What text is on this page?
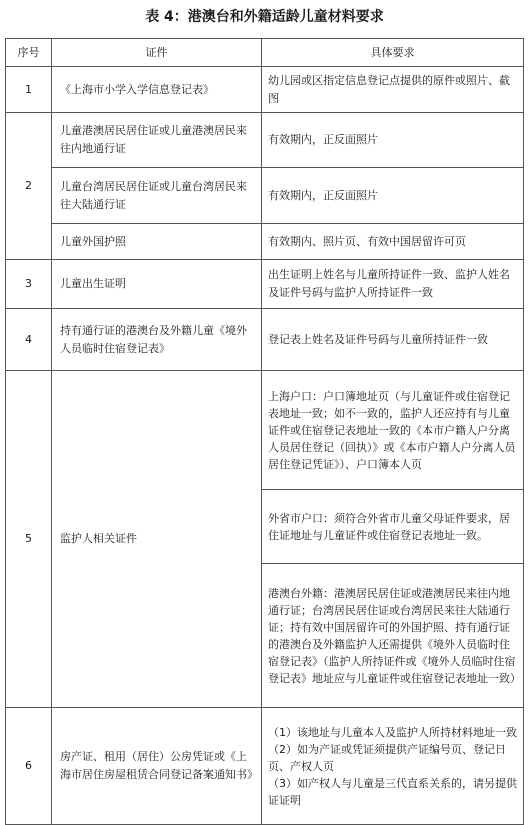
表 4：港澳台和外籍适龄儿童材料要求
序号	证件	具体要求
1	《上海市小学入学信息登记表》	幼儿园或区指定信息登记点提供的原件或照片、截图
2	儿童港澳居民居住证或儿童港澳居民来往内地通行证	有效期内，正反面照片
	儿童台湾居民居住证或儿童台湾居民来往大陆通行证	有效期内，正反面照片
	儿童外国护照	有效期内、照片页、有效中国居留许可页
3	儿童出生证明	出生证明上姓名与儿童所持证件一致、监护人姓名及证件号码与监护人所持证件一致
4	持有通行证的港澳台及外籍儿童《境外人员临时住宿登记表》	登记表上姓名及证件号码与儿童所持证件一致
5	监护人相关证件	上海户口：户口簿地址页（与儿童证件或住宿登记表地址一致；如不一致的，监护人还应持有与儿童证件或住宿登记表地址一致的《本市户籍人户分离人员居住登记（回执）》或《本市户籍人户分离人员居住登记凭证》）、户口簿本人页
		外省市户口：须符合外省市儿童父母证件要求，居住证地址与儿童证件或住宿登记表地址一致。
		港澳台外籍：港澳居民居住证或港澳居民来往内地通行证；台湾居民居住证或台湾居民来往大陆通行证；持有效中国居留许可的外国护照、持有通行证的港澳台及外籍监护人还需提供《境外人员临时住宿登记表》（监护人所持证件或《境外人员临时住宿登记表》地址应与儿童证件或住宿登记表地址一致）
6	房产证、租用（居住）公房凭证或《上海市居住房屋租赁合同登记备案通知书》	（1）该地址与儿童本人及监护人所持材料地址一致
（2）如为产证或凭证须提供产证编号页、登记日页、产权人页
（3）如产权人与儿童是三代直系关系的，请另提供证证明
